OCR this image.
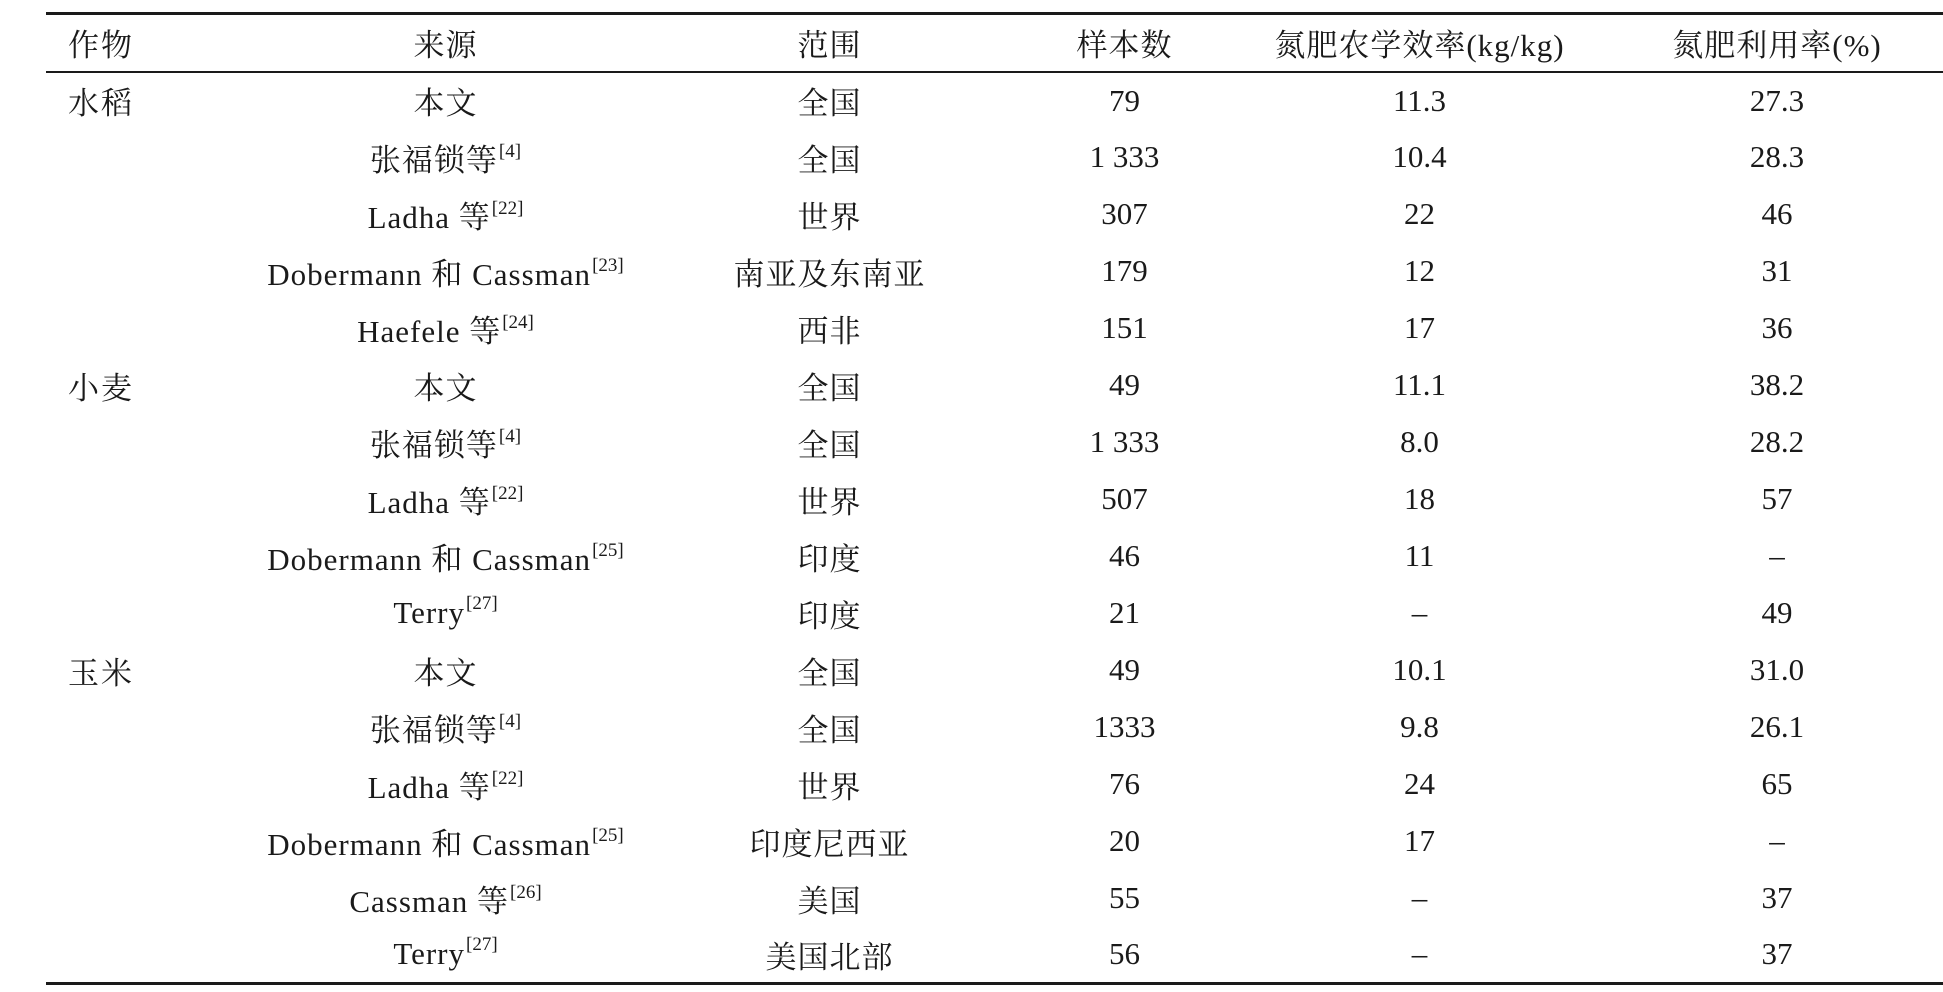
作物	来源	范围	样本数	氮肥农学效率(kg/kg)	氮肥利用率(%)
水稻	本文	全国	79	11.3	27.3
	张福锁等[4]	全国	1 333	10.4	28.3
	Ladha 等[22]	世界	307	22	46
	Dobermann 和 Cassman[23]	南亚及东南亚	179	12	31
	Haefele 等[24]	西非	151	17	36
小麦	本文	全国	49	11.1	38.2
	张福锁等[4]	全国	1 333	8.0	28.2
	Ladha 等[22]	世界	507	18	57
	Dobermann 和 Cassman[25]	印度	46	11	–
	Terry[27]	印度	21	–	49
玉米	本文	全国	49	10.1	31.0
	张福锁等[4]	全国	1333	9.8	26.1
	Ladha 等[22]	世界	76	24	65
	Dobermann 和 Cassman[25]	印度尼西亚	20	17	–
	Cassman 等[26]	美国	55	–	37
	Terry[27]	美国北部	56	–	37
